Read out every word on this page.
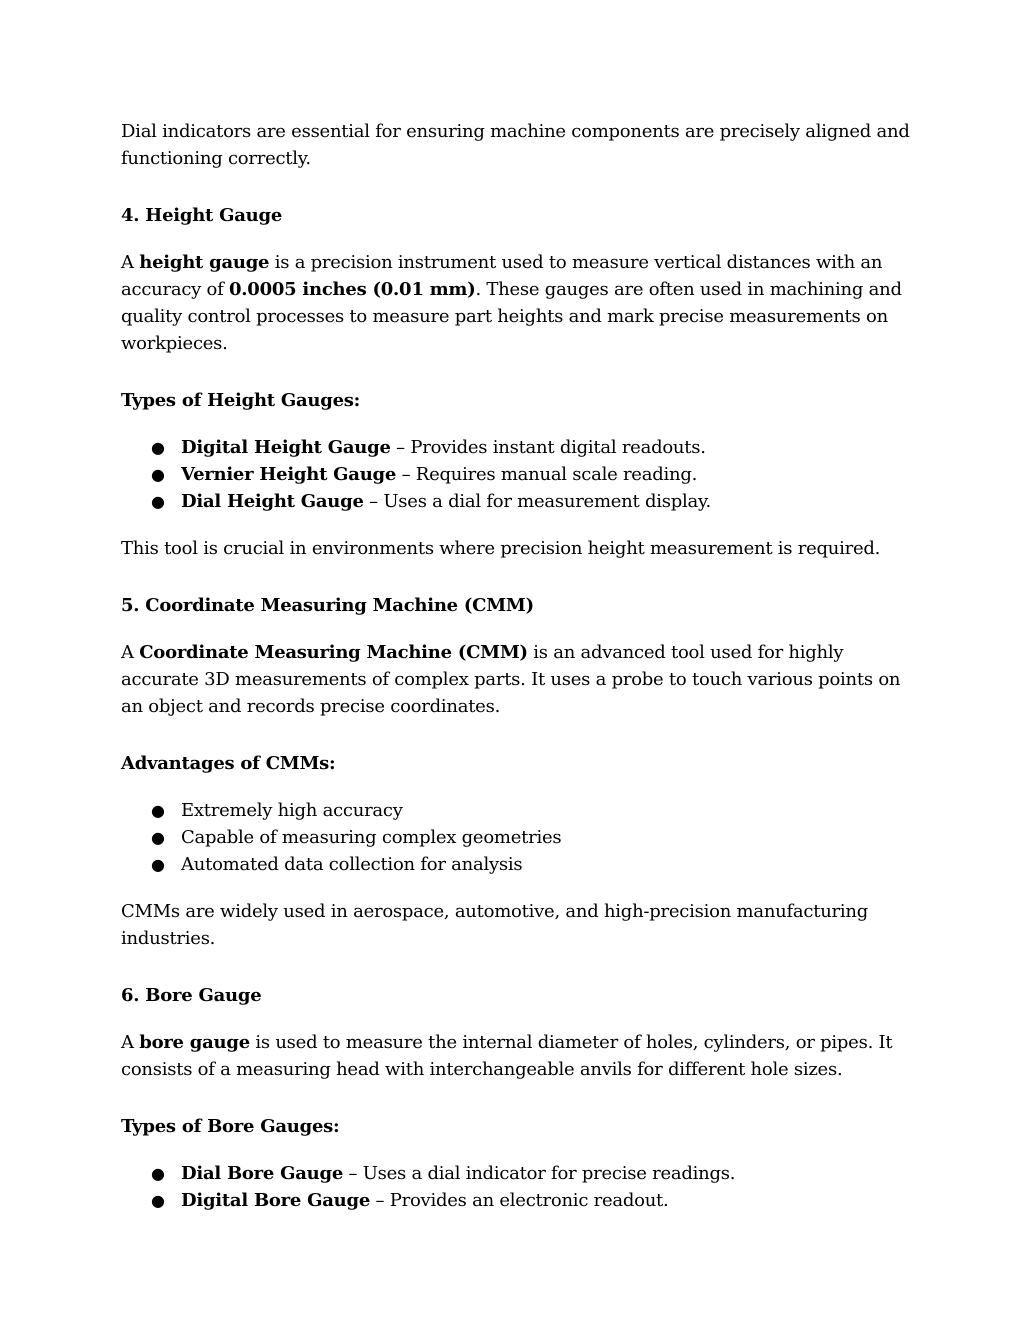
Dial indicators are essential for ensuring machine components are precisely aligned and functioning correctly.

4. Height Gauge

A height gauge is a precision instrument used to measure vertical distances with an accuracy of 0.0005 inches (0.01 mm). These gauges are often used in machining and quality control processes to measure part heights and mark precise measurements on workpieces.

Types of Height Gauges:

● Digital Height Gauge – Provides instant digital readouts.
● Vernier Height Gauge – Requires manual scale reading.
● Dial Height Gauge – Uses a dial for measurement display.

This tool is crucial in environments where precision height measurement is required.

5. Coordinate Measuring Machine (CMM)

A Coordinate Measuring Machine (CMM) is an advanced tool used for highly accurate 3D measurements of complex parts. It uses a probe to touch various points on an object and records precise coordinates.

Advantages of CMMs:

● Extremely high accuracy
● Capable of measuring complex geometries
● Automated data collection for analysis

CMMs are widely used in aerospace, automotive, and high-precision manufacturing industries.

6. Bore Gauge

A bore gauge is used to measure the internal diameter of holes, cylinders, or pipes. It consists of a measuring head with interchangeable anvils for different hole sizes.

Types of Bore Gauges:

● Dial Bore Gauge – Uses a dial indicator for precise readings.
● Digital Bore Gauge – Provides an electronic readout.
